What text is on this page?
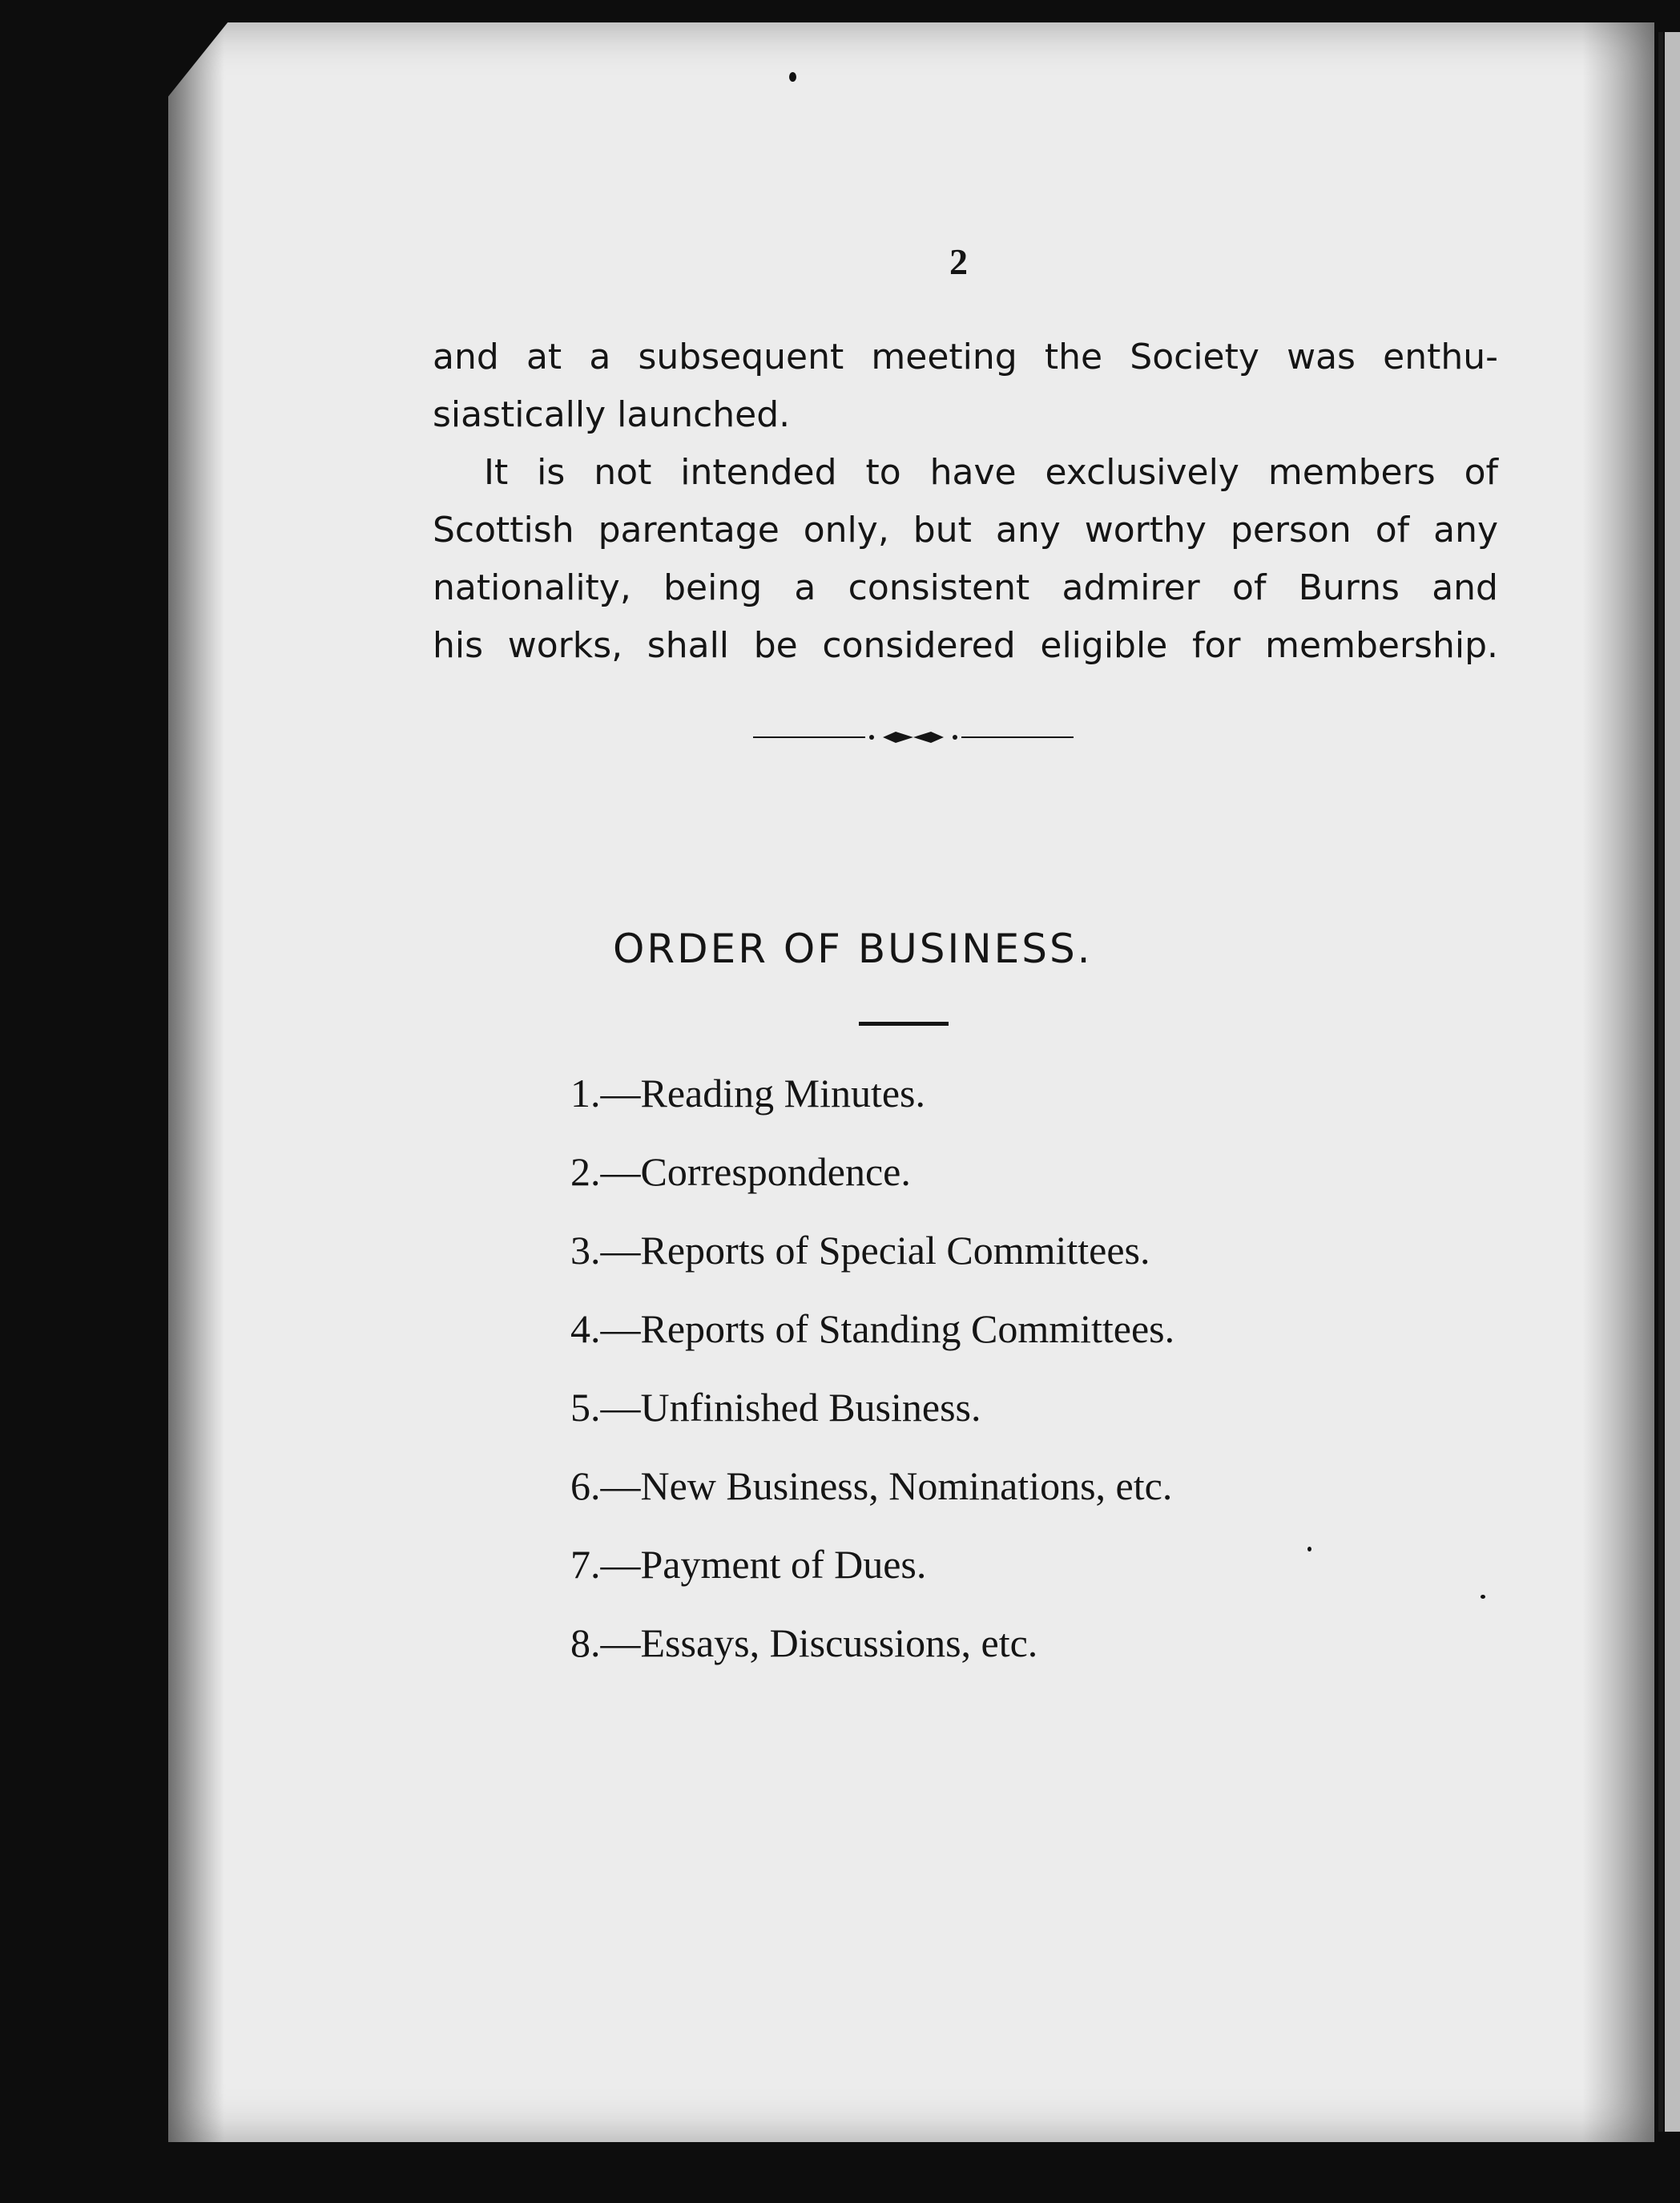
2
and at a subsequent meeting the Society was enthu-
siastically launched.
It is not intended to have exclusively members of
Scottish parentage only, but any worthy person of any
nationality, being a consistent admirer of Burns and
his works, shall be considered eligible for membership.
ORDER OF BUSINESS.
1.—Reading Minutes.
2.—Correspondence.
3.—Reports of Special Committees.
4.—Reports of Standing Committees.
5.—Unfinished Business.
6.—New Business, Nominations, etc.
7.—Payment of Dues.
8.—Essays, Discussions, etc.
